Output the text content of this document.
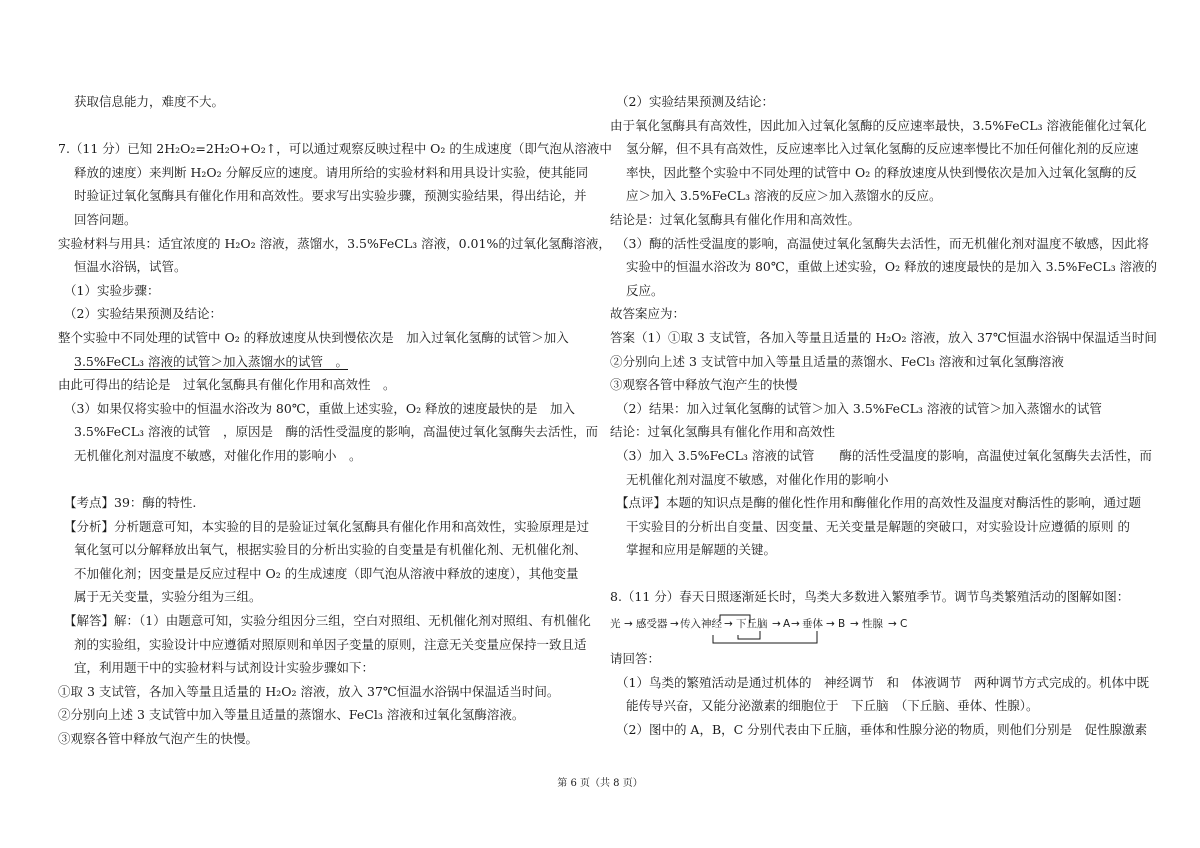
获取信息能力，难度不大。
7.（11 分）已知 2H₂O₂=2H₂O+O₂↑，可以通过观察反映过程中 O₂ 的生成速度（即气泡从溶液中
释放的速度）来判断 H₂O₂ 分解反应的速度。请用所给的实验材料和用具设计实验，使其能同
时验证过氧化氢酶具有催化作用和高效性。要求写出实验步骤，预测实验结果，得出结论，并
回答问题。
实验材料与用具：适宜浓度的 H₂O₂ 溶液，蒸馏水，3.5%FeCL₃ 溶液，0.01%的过氧化氢酶溶液，
恒温水浴锅，试管。
（1）实验步骤：
（2）实验结果预测及结论：
整个实验中不同处理的试管中 O₂ 的释放速度从快到慢依次是　加入过氧化氢酶的试管＞加入
3.5%FeCL₃ 溶液的试管＞加入蒸馏水的试管　。
由此可得出的结论是　过氧化氢酶具有催化作用和高效性　。
（3）如果仅将实验中的恒温水浴改为 80℃，重做上述实验，O₂ 释放的速度最快的是　加入
3.5%FeCL₃ 溶液的试管　，原因是　酶的活性受温度的影响，高温使过氧化氢酶失去活性，而
无机催化剂对温度不敏感，对催化作用的影响小　。
【考点】39：酶的特性.
【分析】分析题意可知，本实验的目的是验证过氧化氢酶具有催化作用和高效性，实验原理是过
氧化氢可以分解释放出氧气，根据实验目的分析出实验的自变量是有机催化剂、无机催化剂、
不加催化剂；因变量是反应过程中 O₂ 的生成速度（即气泡从溶液中释放的速度），其他变量
属于无关变量，实验分组为三组。
【解答】解：（1）由题意可知，实验分组因分三组，空白对照组、无机催化剂对照组、有机催化
剂的实验组，实验设计中应遵循对照原则和单因子变量的原则，注意无关变量应保持一致且适
宜，利用题干中的实验材料与试剂设计实验步骤如下：
①取 3 支试管，各加入等量且适量的 H₂O₂ 溶液，放入 37℃恒温水浴锅中保温适当时间。
②分别向上述 3 支试管中加入等量且适量的蒸馏水、FeCl₃ 溶液和过氧化氢酶溶液。
③观察各管中释放气泡产生的快慢。
（2）实验结果预测及结论：
由于氧化氢酶具有高效性，因此加入过氧化氢酶的反应速率最快，3.5%FeCL₃ 溶液能催化过氧化
氢分解，但不具有高效性，反应速率比入过氧化氢酶的反应速率慢比不加任何催化剂的反应速
率快，因此整个实验中不同处理的试管中 O₂ 的释放速度从快到慢依次是加入过氧化氢酶的反
应＞加入 3.5%FeCL₃ 溶液的反应＞加入蒸馏水的反应。
结论是：过氧化氢酶具有催化作用和高效性。
（3）酶的活性受温度的影响，高温使过氧化氢酶失去活性，而无机催化剂对温度不敏感，因此将
实验中的恒温水浴改为 80℃，重做上述实验，O₂ 释放的速度最快的是加入 3.5%FeCL₃ 溶液的
反应。
故答案应为：
答案（1）①取 3 支试管，各加入等量且适量的 H₂O₂ 溶液，放入 37℃恒温水浴锅中保温适当时间
②分别向上述 3 支试管中加入等量且适量的蒸馏水、FeCl₃ 溶液和过氧化氢酶溶液
③观察各管中释放气泡产生的快慢
（2）结果：加入过氧化氢酶的试管＞加入 3.5%FeCL₃ 溶液的试管＞加入蒸馏水的试管
结论：过氧化氢酶具有催化作用和高效性
（3）加入 3.5%FeCL₃ 溶液的试管　　酶的活性受温度的影响，高温使过氧化氢酶失去活性，而
无机催化剂对温度不敏感，对催化作用的影响小
【点评】本题的知识点是酶的催化性作用和酶催化作用的高效性及温度对酶活性的影响，通过题
干实验目的分析出自变量、因变量、无关变量是解题的突破口，对实验设计应遵循的原则 的
掌握和应用是解题的关键。
8.（11 分）春天日照逐渐延长时，鸟类大多数进入繁殖季节。调节鸟类繁殖活动的图解如图：
光 → 感受器 → 传入神经 → 下丘脑 → A → 垂体 → B → 性腺 → C
请回答：
（1）鸟类的繁殖活动是通过机体的　神经调节　和　体液调节　两种调节方式完成的。机体中既
能传导兴奋，又能分泌激素的细胞位于　下丘脑　（下丘脑、垂体、性腺）。
（2）图中的 A，B，C 分别代表由下丘脑，垂体和性腺分泌的物质，则他们分别是　促性腺激素
第 6 页（共 8 页）
